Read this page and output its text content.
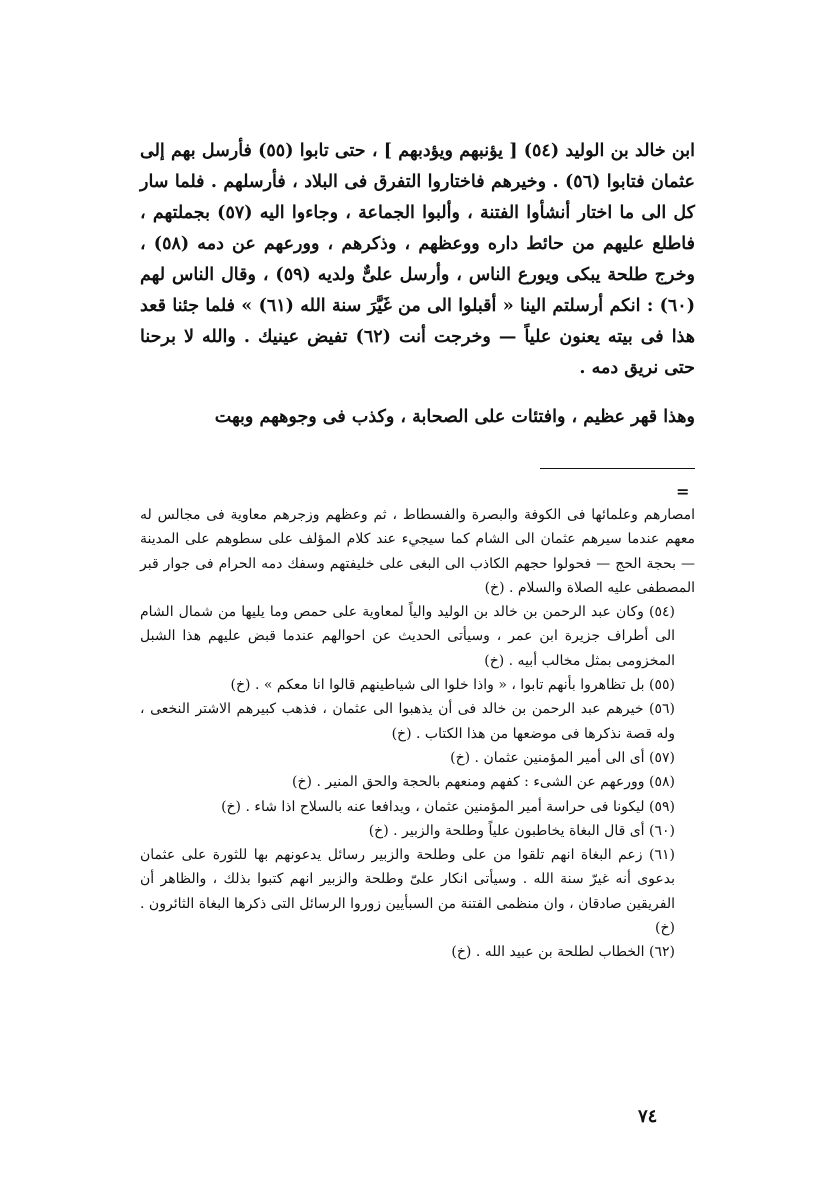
ابن خالد بن الوليد (٥٤) [ يؤنبهم ويؤدبهم ] ، حتى تابوا (٥٥) فأرسل بهم إلى عثمان فتابوا (٥٦) . وخيرهم فاختاروا التفرق فى البلاد ، فأرسلهم . فلما سار كل الى ما اختار أنشأوا الفتنة ، وألبوا الجماعة ، وجاءوا اليه (٥٧) بجملتهم ، فاطلع عليهم من حائط داره ووعظهم ، وذكرهم ، وورعهم عن دمه (٥٨) ، وخرج طلحة يبكى ويورع الناس ، وأرسل علىٌّ ولديه (٥٩) ، وقال الناس لهم (٦٠) : انكم أرسلتم الينا « أقبلوا الى من غَيَّرَ سنة الله (٦١) » فلما جئنا قعد هذا فى بيته يعنون علياً — وخرجت أنت (٦٢) تفيض عينيك . والله لا برحنا حتى نريق دمه .

وهذا قهر عظيم ، وافتئات على الصحابة ، وكذب فى وجوههم وبهت

=

امصارهم وعلمائها فى الكوفة والبصرة والفسطاط ، ثم وعظهم وزجرهم معاوية فى مجالس له معهم عندما سيرهم عثمان الى الشام كما سيجيء عند كلام المؤلف على سطوهم على المدينة — بحجة الحج — فحولوا حجهم الكاذب الى البغى على خليفتهم وسفك دمه الحرام فى جوار قبر المصطفى عليه الصلاة والسلام . (خ)

(٥٤) وكان عبد الرحمن بن خالد بن الوليد والياً لمعاوية على حمص وما يليها من شمال الشام الى أطراف جزيرة ابن عمر ، وسيأتى الحديث عن احوالهم عندما قبض عليهم هذا الشبل المخزومى بمثل مخالب أبيه . (خ)

(٥٥) بل تظاهروا بأنهم تابوا ، « واذا خلوا الى شياطينهم قالوا انا معكم » . (خ)

(٥٦) خيرهم عبد الرحمن بن خالد فى أن يذهبوا الى عثمان ، فذهب كبيرهم الاشتر النخعى ، وله قصة نذكرها فى موضعها من هذا الكتاب . (خ)

(٥٧) أى الى أمير المؤمنين عثمان . (خ)

(٥٨) وورعهم عن الشىء : كفهم ومنعهم بالحجة والحق المنير . (خ)

(٥٩) ليكونا فى حراسة أمير المؤمنين عثمان ، ويدافعا عنه بالسلاح اذا شاء . (خ)

(٦٠) أى قال البغاة يخاطبون علياً وطلحة والزبير . (خ)

(٦١) زعم البغاة انهم تلقوا من على وطلحة والزبير رسائل يدعونهم بها للثورة على عثمان بدعوى أنه غيرّ سنة الله . وسيأتى انكار علىّ وطلحة والزبير انهم كتبوا بذلك ، والظاهر أن الفريقين صادقان ، وان منظمى الفتنة من السبأيين زوروا الرسائل التى ذكرها البغاة الثائرون . (خ)

(٦٢) الخطاب لطلحة بن عبيد الله . (خ)

٧٤
